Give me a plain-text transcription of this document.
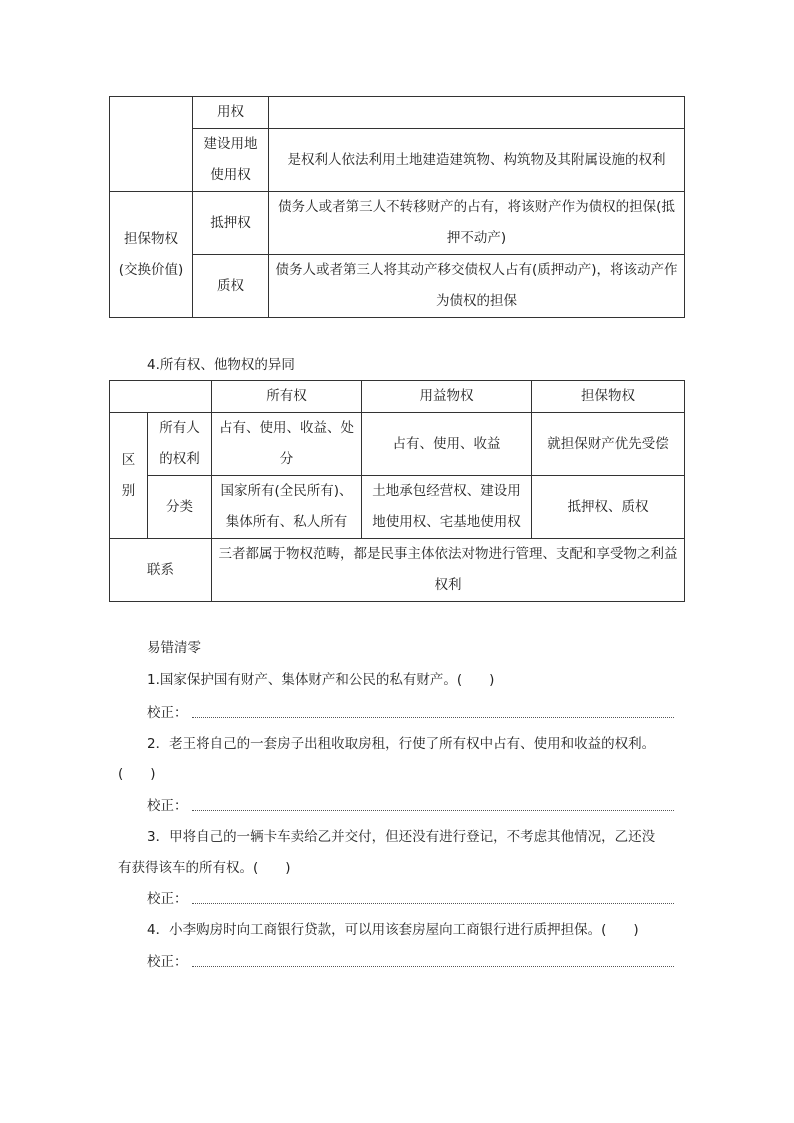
	用权	
	建设用地使用权	是权利人依法利用土地建造建筑物、构筑物及其附属设施的权利
担保物权(交换价值)	抵押权	债务人或者第三人不转移财产的占有，将该财产作为债权的担保(抵押不动产)
	质权	债务人或者第三人将其动产移交债权人占有(质押动产)，将该动产作为债权的担保
4.所有权、他物权的异同
		所有权	用益物权	担保物权
区别	所有人的权利	占有、使用、收益、处分	占有、使用、收益	就担保财产优先受偿
	分类	国家所有(全民所有)、集体所有、私人所有	土地承包经营权、建设用地使用权、宅基地使用权	抵押权、质权
联系		三者都属于物权范畴，都是民事主体依法对物进行管理、支配和享受物之利益权利		
易错清零
1.国家保护国有财产、集体财产和公民的私有财产。(　　)
校正：
2．老王将自己的一套房子出租收取房租，行使了所有权中占有、使用和收益的权利。
(　　)
校正：
3．甲将自己的一辆卡车卖给乙并交付，但还没有进行登记，不考虑其他情况，乙还没
有获得该车的所有权。(　　)
校正：
4．小李购房时向工商银行贷款，可以用该套房屋向工商银行进行质押担保。(　　)
校正：
